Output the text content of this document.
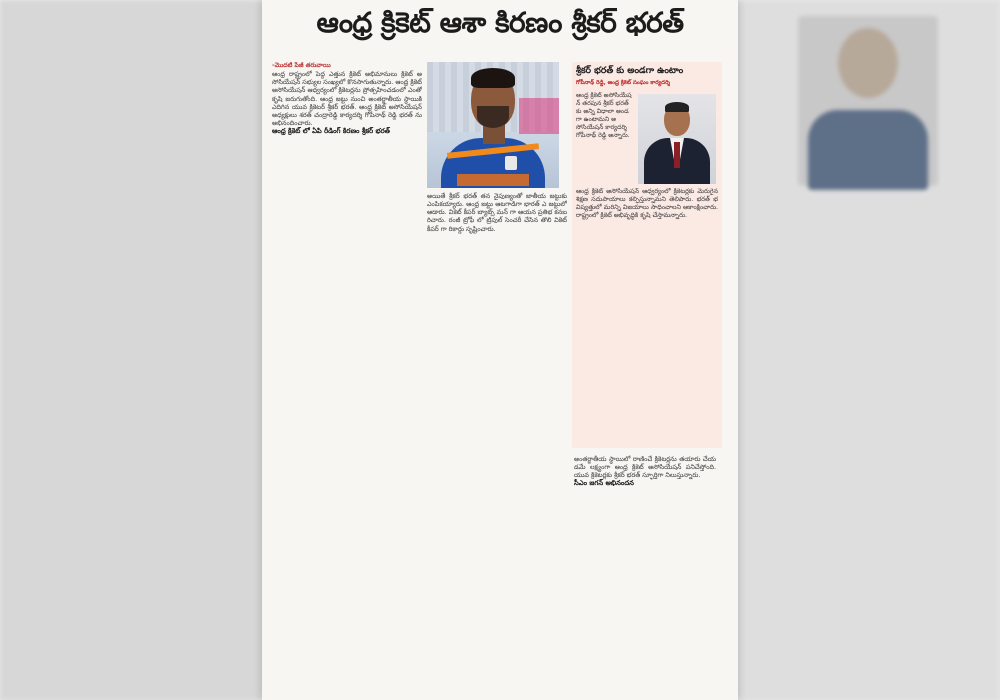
ఆంధ్ర క్రికెట్ ఆశా కిరణం శ్రీకర్ భరత్
-మొదటి పేజీ తరువాయి
ఆంధ్ర రాష్ట్రంలో పెద్ద ఎత్తున క్రికెట్ అభిమానులు క్రికెట్ అసోసియేషన్ సభ్యుల సంఖ్యలో కొనసాగుతున్నారు. ఆంధ్ర క్రికెట్ అసోసియేషన్ ఆధ్వర్యంలో క్రికెటర్లను ప్రోత్సహించడంలో ఎంతో కృషి జరుగుతోంది. ఆంధ్ర జట్టు నుంచి అంతర్జాతీయ స్థాయికి ఎదిగిన యువ క్రికెటర్ శ్రీకర్ భరత్. ఆంధ్ర క్రికెట్ అసోసియేషన్ అధ్యక్షులు శరత్ చంద్రారెడ్డి కార్యదర్శి గోపీనాథ్ రెడ్డి భరత్ ను అభినందించారు.
ఆంధ్ర క్రికెట్ లో ఏపి రీడింగ్ కిరణం శ్రీకర్ భరత్
అయితే శ్రీకర్ భరత్ తన నైపుణ్యంతో జాతీయ జట్టుకు ఎంపికయ్యారు. ఆంధ్ర జట్టు ఆటగాడిగా భారత్ ఎ జట్టులో ఆడారు. వికెట్ కీపర్ బ్యాట్స్ మన్ గా ఆయన ప్రతిభ కనబరిచారు. రంజీ ట్రోఫీ లో ట్రిపుల్ సెంచరీ చేసిన తొలి వికెట్ కీపర్ గా రికార్డు సృష్టించారు.
శ్రీకర్ భరత్ కు అండగా ఉంటాం
గోపీనాథ్ రెడ్డి, ఆంధ్ర క్రికెట్ సంఘం కార్యదర్శి
ఆంధ్ర క్రికెట్ అసోసియేషన్ తరపున శ్రీకర్ భరత్ కు అన్ని విధాలా అండగా ఉంటామని అసోసియేషన్ కార్యదర్శి గోపీనాథ్ రెడ్డి అన్నారు.
ఆంధ్ర క్రికెట్ అసోసియేషన్ ఆధ్వర్యంలో క్రికెటర్లకు మెరుగైన శిక్షణ సదుపాయాలు కల్పిస్తున్నామని తెలిపారు. భరత్ భవిష్యత్తులో మరిన్ని విజయాలు సాధించాలని ఆకాంక్షించారు. రాష్ట్రంలో క్రికెట్ అభివృద్ధికి కృషి చేస్తామన్నారు.
అంతర్జాతీయ స్థాయిలో రాణించే క్రికెటర్లను తయారు చేయడమే లక్ష్యంగా ఆంధ్ర క్రికెట్ అసోసియేషన్ పనిచేస్తోంది. యువ క్రికెటర్లకు శ్రీకర్ భరత్ స్ఫూర్తిగా నిలుస్తున్నారు.
సీఎం జగన్ అభినందన
